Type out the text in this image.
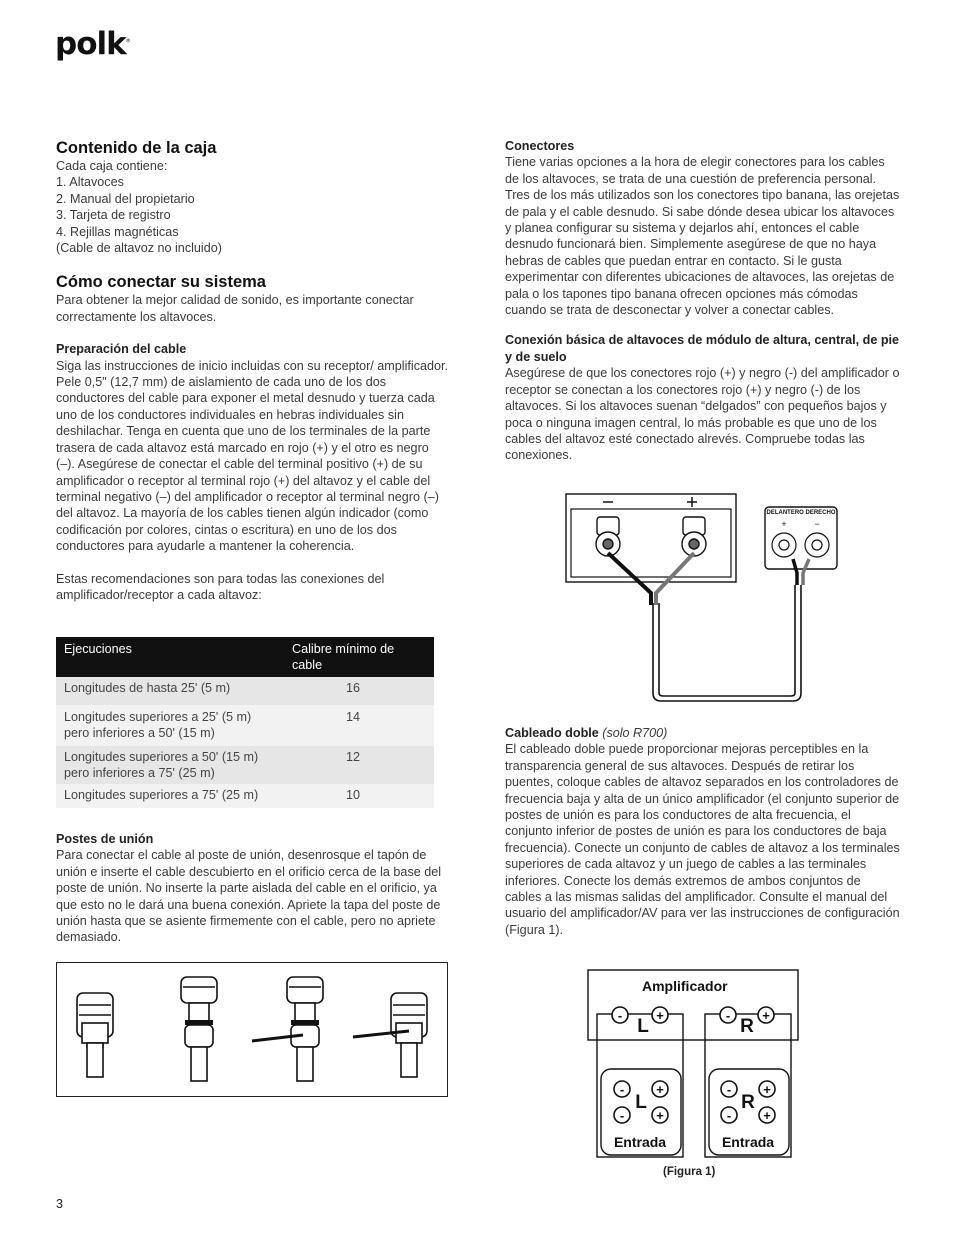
polk®
Contenido de la caja

Cada caja contiene:

1. Altavoces

2. Manual del propietario

3. Tarjeta de registro

4. Rejillas magnéticas

(Cable de altavoz no incluido)

Cómo conectar su sistema

Para obtener la mejor calidad de sonido, es importante conectar correctamente los altavoces.

Preparación del cable

Siga las instrucciones de inicio incluidas con su receptor/ amplificador. Pele 0,5" (12,7 mm) de aislamiento de cada uno de los dos conductores del cable para exponer el metal desnudo y tuerza cada uno de los conductores individuales en hebras individuales sin deshilachar. Tenga en cuenta que uno de los terminales de la parte trasera de cada altavoz está marcado en rojo (+) y el otro es negro (–). Asegúrese de conectar el cable del terminal positivo (+) de su amplificador o receptor al terminal rojo (+) del altavoz y el cable del terminal negativo (–) del amplificador o receptor al terminal negro (–) del altavoz. La mayoría de los cables tienen algún indicador (como codificación por colores, cintas o escritura) en uno de los dos conductores para ayudarle a mantener la coherencia.

Estas recomendaciones son para todas las conexiones del amplificador/receptor a cada altavoz:

Ejecuciones	Calibre mínimo de cable
Longitudes de hasta 25' (5 m)	16
Longitudes superiores a 25' (5 m) pero inferiores a 50' (15 m)	14
Longitudes superiores a 50' (15 m) pero inferiores a 75' (25 m)	12
Longitudes superiores a 75' (25 m)	10
Postes de unión

Para conectar el cable al poste de unión, desenrosque el tapón de unión e inserte el cable descubierto en el orificio cerca de la base del poste de unión. No inserte la parte aislada del cable en el orificio, ya que esto no le dará una buena conexión. Apriete la tapa del poste de unión hasta que se asiente firmemente con el cable, pero no apriete demasiado.

Conectores

Tiene varias opciones a la hora de elegir conectores para los cables de los altavoces, se trata de una cuestión de preferencia personal. Tres de los más utilizados son los conectores tipo banana, las orejetas de pala y el cable desnudo. Si sabe dónde desea ubicar los altavoces y planea configurar su sistema y dejarlos ahí, entonces el cable desnudo funcionará bien. Simplemente asegúrese de que no haya hebras de cables que puedan entrar en contacto. Si le gusta experimentar con diferentes ubicaciones de altavoces, las orejetas de pala o los tapones tipo banana ofrecen opciones más cómodas cuando se trata de desconectar y volver a conectar cables.

Conexión básica de altavoces de módulo de altura, central, de pie y de suelo

Asegúrese de que los conectores rojo (+) y negro (-) del amplificador o receptor se conectan a los conectores rojo (+) y negro (-) de los altavoces. Si los altavoces suenan “delgados” con pequeños bajos y poca o ninguna imagen central, lo más probable es que uno de los cables del altavoz esté conectado alrevés. Compruebe todas las conexiones.

DELANTERO DERECHO
+	−

Cableado doble (solo R700)

El cableado doble puede proporcionar mejoras perceptibles en la transparencia general de sus altavoces. Después de retirar los puentes, coloque cables de altavoz separados en los controladores de frecuencia baja y alta de un único amplificador (el conjunto superior de postes de unión es para los conductores de alta frecuencia, el conjunto inferior de postes de unión es para los conductores de baja frecuencia). Conecte un conjunto de cables de altavoz a los terminales superiores de cada altavoz y un juego de cables a las terminales inferiores. Conecte los demás extremos de ambos conjuntos de cables a las mismas salidas del amplificador. Consulte el manual del usuario del amplificador/AV para ver las instrucciones de configuración (Figura 1).

Amplificador
-	+	- +
L	R
- +
- +
- +
- +
L	R
Entrada	Entrada
(Figura 1)
3
